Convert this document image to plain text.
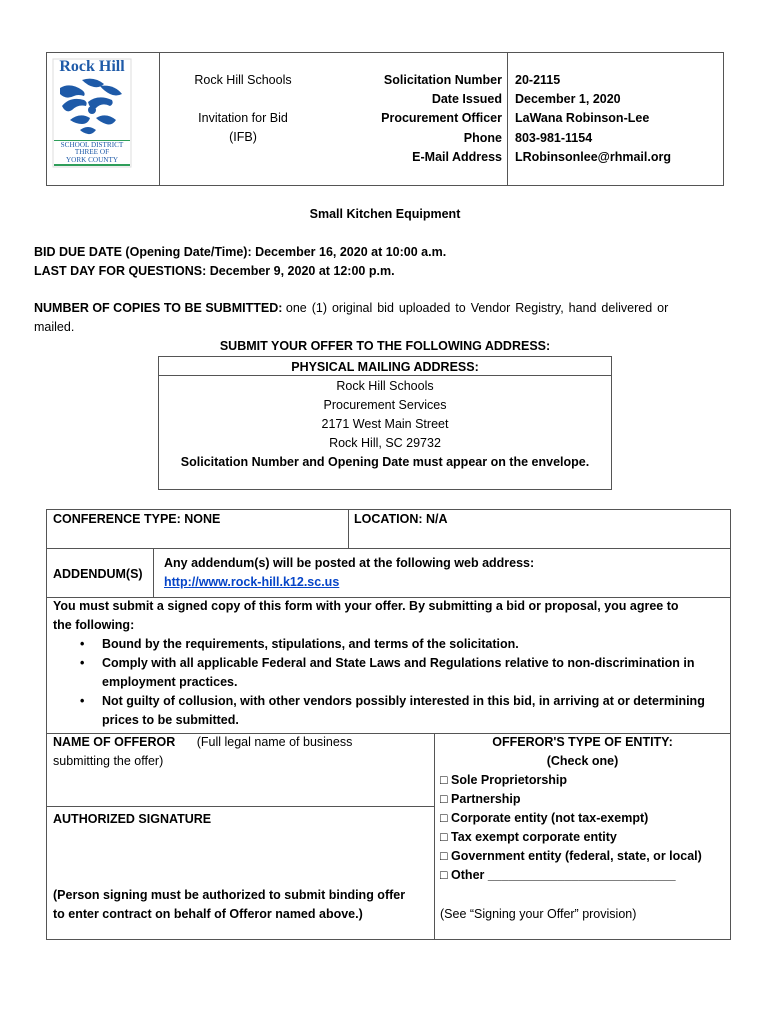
Rock Hill
SCHOOL DISTRICT
THREE OF
YORK COUNTY
Rock Hill Schools
Invitation for Bid
(IFB)
Solicitation Number
Date Issued
Procurement Officer
Phone
E-Mail Address
20-2115
December 1, 2020
LaWana Robinson-Lee
803-981-1154
LRobinsonlee@rhmail.org
Small Kitchen Equipment
BID DUE DATE (Opening Date/Time): December 16, 2020 at 10:00 a.m.
LAST DAY FOR QUESTIONS: December 9, 2020 at 12:00 p.m.
NUMBER OF COPIES TO BE SUBMITTED: one (1) original bid uploaded to Vendor Registry, hand delivered or
mailed.
SUBMIT YOUR OFFER TO THE FOLLOWING ADDRESS:
PHYSICAL MAILING ADDRESS:
Rock Hill Schools
Procurement Services
2171 West Main Street
Rock Hill, SC 29732
Solicitation Number and Opening Date must appear on the envelope.
CONFERENCE TYPE: NONE	LOCATION: N/A
ADDENDUM(S)
Any addendum(s) will be posted at the following web address:
http://www.rock-hill.k12.sc.us
You must submit a signed copy of this form with your offer. By submitting a bid or proposal, you agree to
the following:
• Bound by the requirements, stipulations, and terms of the solicitation.
• Comply with all applicable Federal and State Laws and Regulations relative to non-discrimination in
employment practices.
• Not guilty of collusion, with other vendors possibly interested in this bid, in arriving at or determining
prices to be submitted.
NAME OF OFFEROR (Full legal name of business
submitting the offer)
AUTHORIZED SIGNATURE
(Person signing must be authorized to submit binding offer
to enter contract on behalf of Offeror named above.)
OFFEROR'S TYPE OF ENTITY:
(Check one)
□ Sole Proprietorship
□ Partnership
□ Corporate entity (not tax-exempt)
□ Tax exempt corporate entity
□ Government entity (federal, state, or local)
□ Other ___________________________
(See “Signing your Offer” provision)
